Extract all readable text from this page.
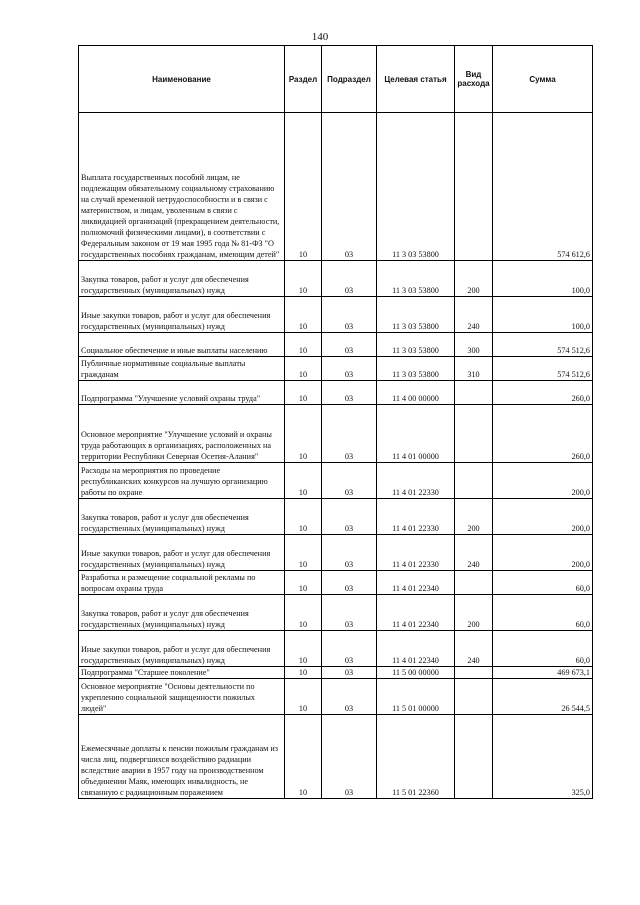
140
Наименование	Раздел	Подраздел	Целевая статья	Вид расхода	Сумма
Выплата государственных пособий лицам, не подлежащим обязательному социальному страхованию на случай временной нетрудоспособности и в связи с материнством, и лицам, уволенным в связи с ликвидацией организаций (прекращением деятельности, полномочий физическими лицами), в соответствии с Федеральным законом от 19 мая 1995 года № 81-ФЗ "О государственных пособиях гражданам, имеющим детей"	10	03	11 3 03 53800		574 612,6
Закупка товаров, работ и услуг для обеспечения государственных (муниципальных) нужд	10	03	11 3 03 53800	200	100,0
Иные закупки товаров, работ и услуг для обеспечения государственных (муниципальных) нужд	10	03	11 3 03 53800	240	100,0
Социальное обеспечение и иные выплаты населению	10	03	11 3 03 53800	300	574 512,6
Публичные нормативные социальные выплаты гражданам	10	03	11 3 03 53800	310	574 512,6
Подпрограмма "Улучшение условий охраны труда"	10	03	11 4 00 00000		260,0
Основное мероприятие "Улучшение условий и охраны труда работающих в организациях, расположенных на территории Республики Северная Осетия-Алания"	10	03	11 4 01 00000		260,0
Расходы на мероприятия по проведение республиканских конкурсов на лучшую организацию работы по охране	10	03	11 4 01 22330		200,0
Закупка товаров, работ и услуг для обеспечения государственных (муниципальных) нужд	10	03	11 4 01 22330	200	200,0
Иные закупки товаров, работ и услуг для обеспечения государственных (муниципальных) нужд	10	03	11 4 01 22330	240	200,0
Разработка и размещение социальной рекламы по вопросам охраны труда	10	03	11 4 01 22340		60,0
Закупка товаров, работ и услуг для обеспечения государственных (муниципальных) нужд	10	03	11 4 01 22340	200	60,0
Иные закупки товаров, работ и услуг для обеспечения государственных (муниципальных) нужд	10	03	11 4 01 22340	240	60,0
Подпрограмма "Старшее поколение"	10	03	11 5 00 00000		469 673,1
Основное мероприятие "Основы деятельности по укреплению социальной защищенности пожилых людей"	10	03	11 5 01 00000		26 544,5
Ежемесячные доплаты к пенсии пожилым гражданам из числа лиц, подвергшихся воздействию радиации вследствие аварии в 1957 году на производственном объединении Маяк, имеющих инвалидность, не связанную с радиационным поражением	10	03	11 5 01 22360		325,0
